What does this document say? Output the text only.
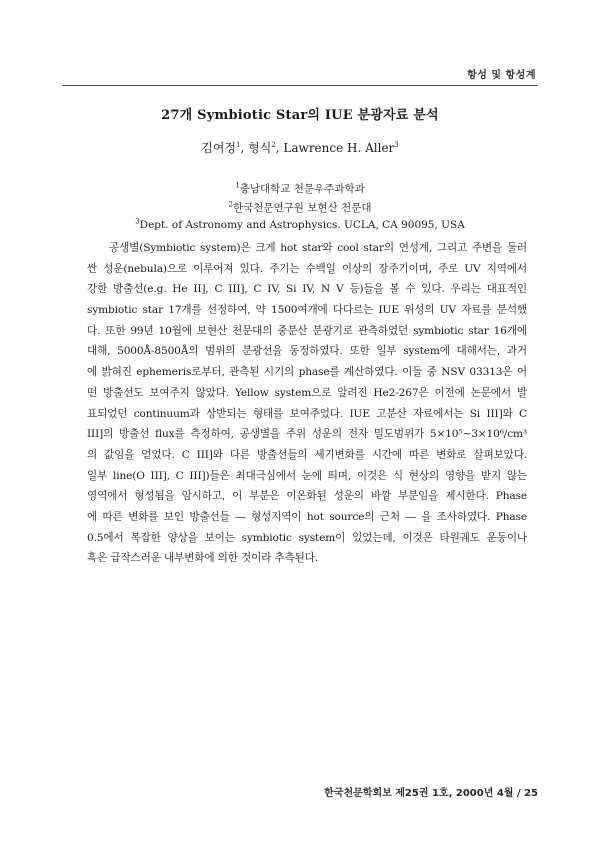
항성 및 항성계
27개 Symbiotic Star의 IUE 분광자료 분석
김여정$^1$, 형식$^2$, Lawrence H. Aller$^3$
$^1$충남대학교 천문우주과학과
$^2$한국천문연구원 보현산 천문대
$^3$Dept. of Astronomy and Astrophysics. UCLA, CA 90095, USA
공생별(Symbiotic system)은 크게 hot star와 cool star의 연성계, 그리고 주변을 둘러
싼 성운(nebula)으로 이루어져 있다. 주기는 수백일 이상의 장주기이며, 주로 UV 지역에서
강한 방출선(e.g. He II], C III], C IV, Si IV, N V 등)들을 볼 수 있다. 우리는 대표적인
symbiotic star 17개를 선정하여, 약 1500여개에 다다르는 IUE 위성의 UV 자료를 분석했
다. 또한 99년 10월에 보현산 천문대의 중분산 분광기로 관측하였던 symbiotic star 16개에
대해, 5000Å-8500Å의 범위의 분광선을 동정하였다. 또한 일부 system에 대해서는, 과거
에 밝혀진 ephemeris로부터, 관측된 시기의 phase를 계산하였다. 이들 중 NSV 03313은 어
떤 방출선도 보여주지 않았다. Yellow system으로 알려진 He2-267은 이전에 논문에서 발
표되었던 continuum과 상반되는 형태를 보여주었다. IUE 고분산 자료에서는 Si III]와 C
III]의 방출선 flux를 측정하여, 공생별을 주위 성운의 전자 밀도범위가 5×10⁵~3×10⁶/cm³
의 값임을 얻었다. C III]와 다른 방출선들의 세기변화를 시간에 따른 변화로 살펴보았다.
일부 line(O III], C III])들은 최대극심에서 눈에 띄며, 이것은 식 현상의 영향을 받지 않는
영역에서 형성됨을 암시하고, 이 부분은 이온화된 성운의 바깥 부분임을 제시한다. Phase
에 따른 변화를 보인 방출선들 ― 형성지역이 hot source의 근처 ― 을 조사하였다. Phase
0.5에서 복잡한 양상을 보이는 symbiotic system이 있었는데, 이것은 타원궤도 운동이나
혹은 급작스러운 내부변화에 의한 것이라 추측된다.
한국천문학회보 제25권 1호, 2000년 4월 / 25
